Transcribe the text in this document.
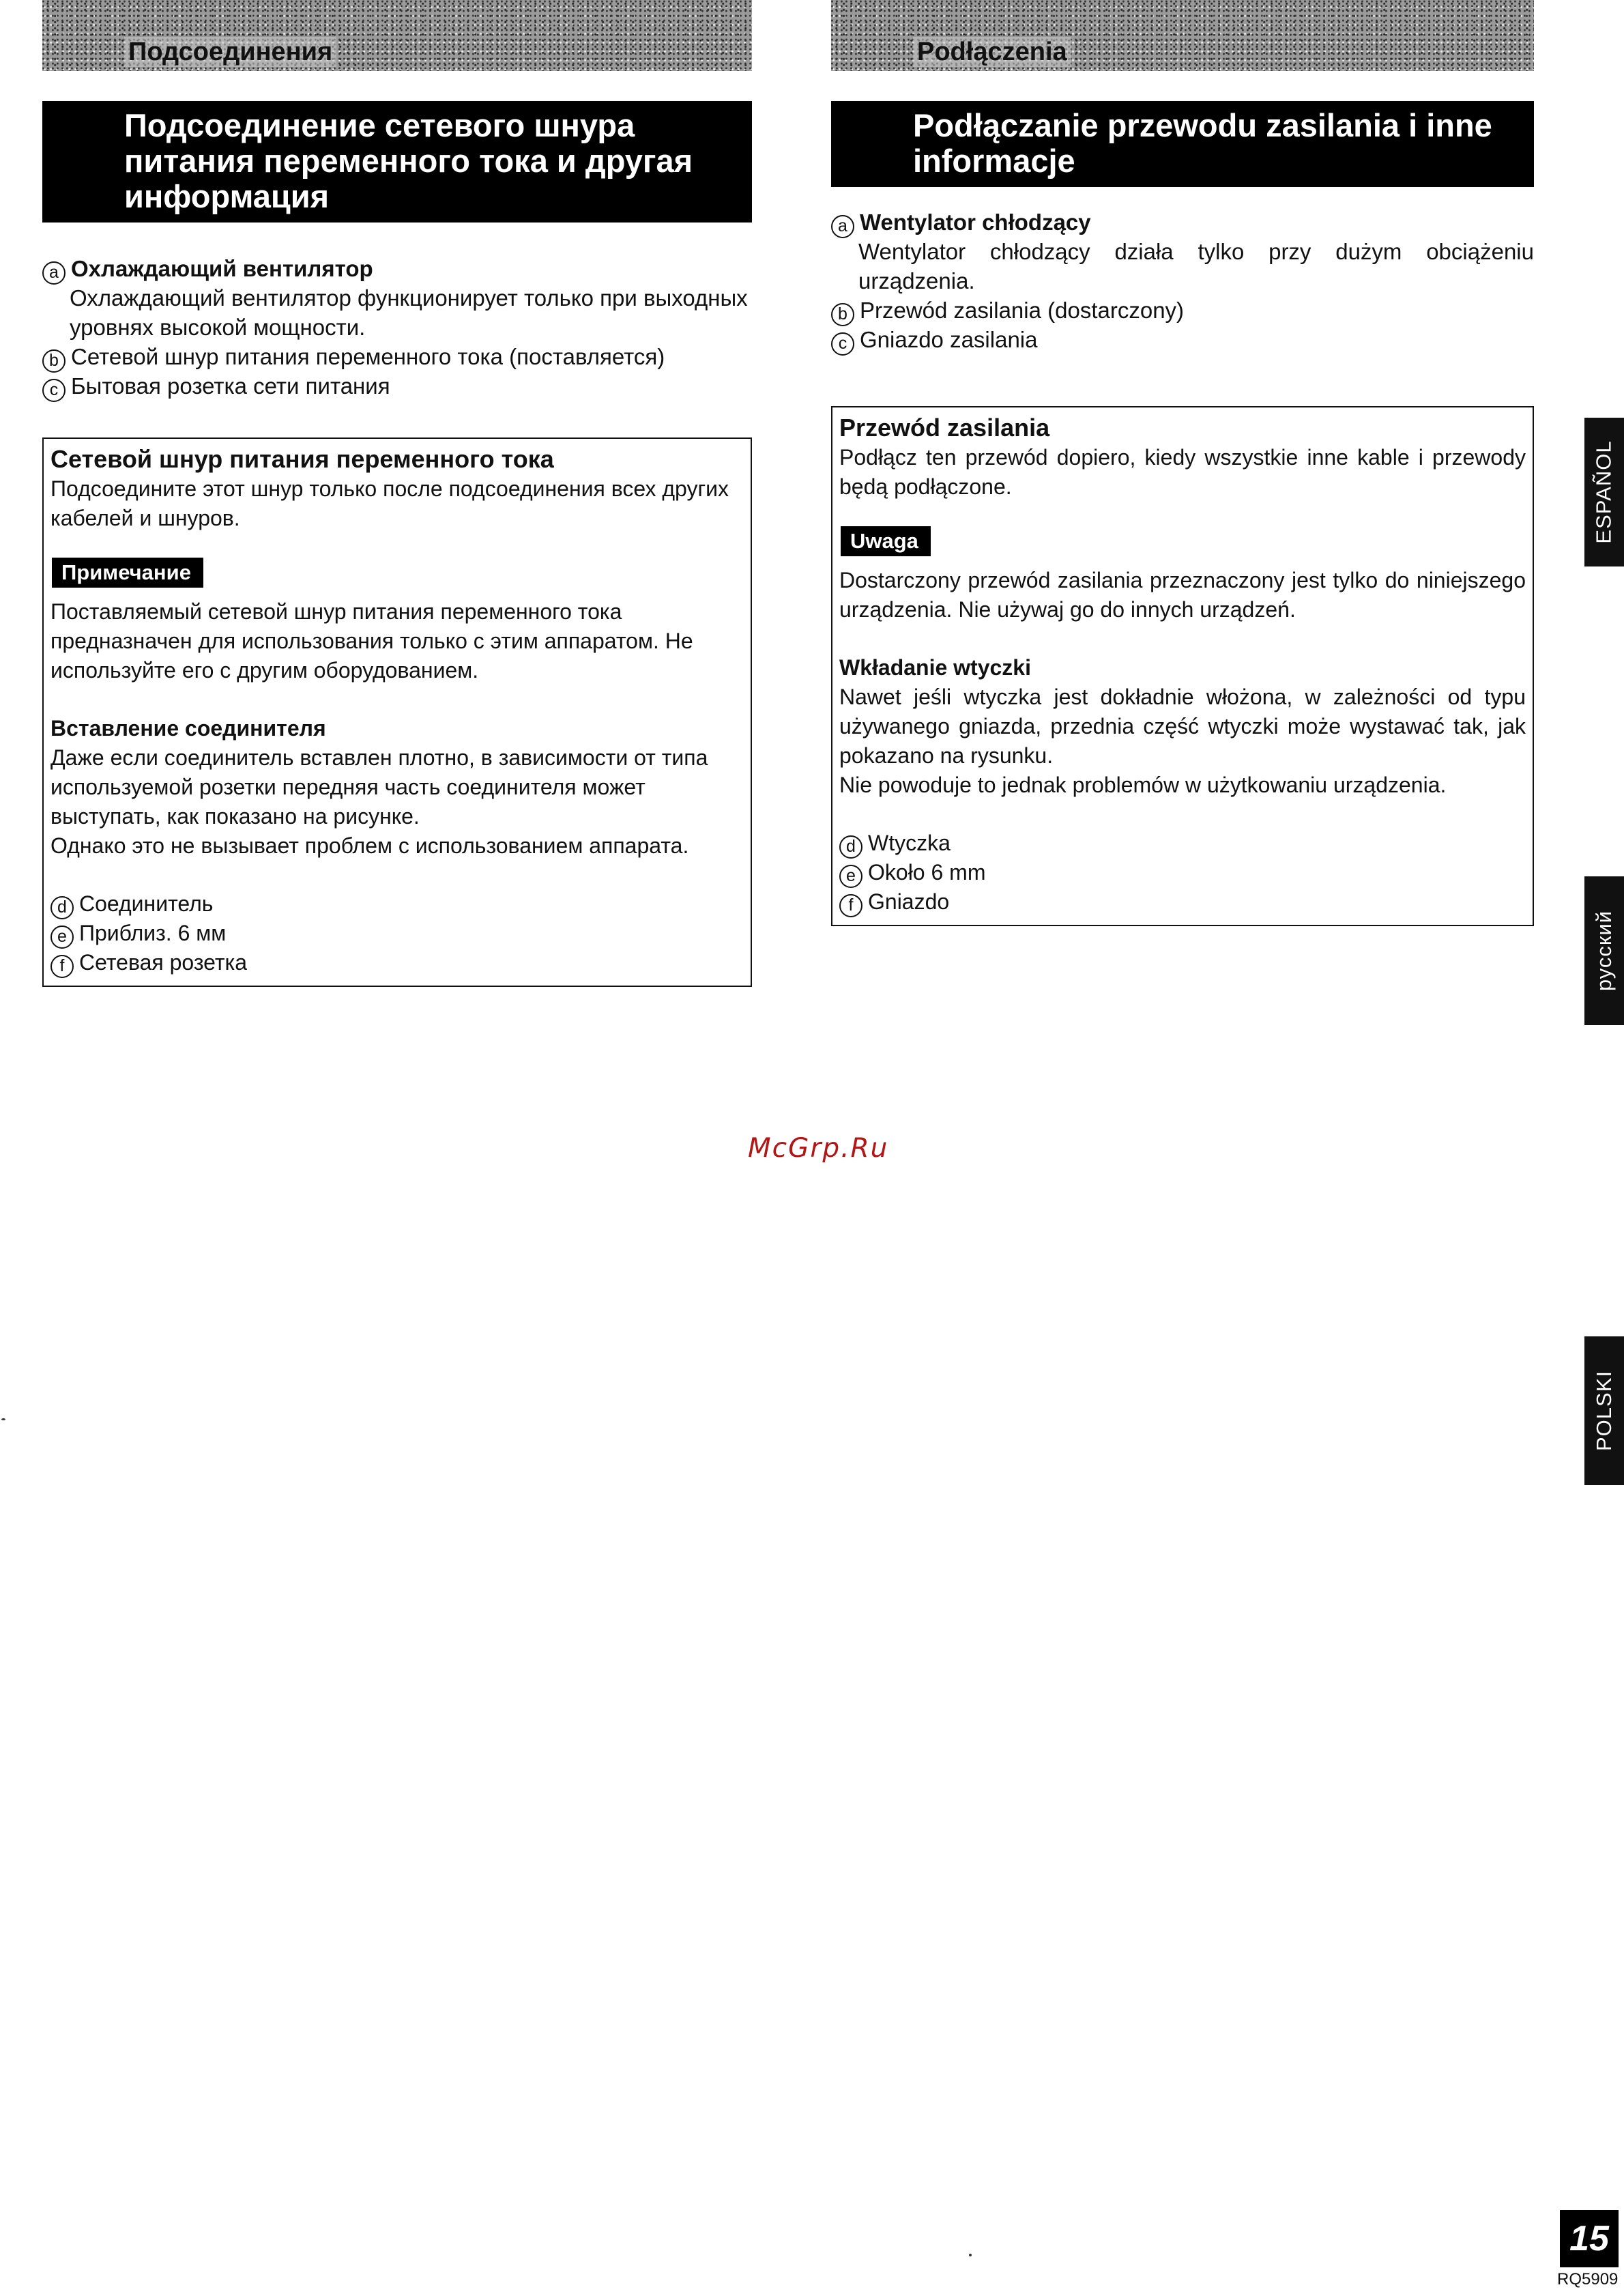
Подсоединения
Подсоединение сетевого шнура питания переменного тока и другая информация
a Охлаждающий вентилятор
Охлаждающий вентилятор функционирует только при выходных уровнях высокой мощности.
b Сетевой шнур питания переменного тока (поставляется)
c Бытовая розетка сети питания
Сетевой шнур питания переменного тока
Подсоедините этот шнур только после подсоединения всех других кабелей и шнуров.
Примечание
Поставляемый сетевой шнур питания переменного тока предназначен для использования только с этим аппаратом. Не используйте его с другим оборудованием.
Вставление соединителя
Даже если соединитель вставлен плотно, в зависимости от типа используемой розетки передняя часть соединителя может выступать, как показано на рисунке.
Однако это не вызывает проблем с использованием аппарата.
d Соединитель
e Приблиз. 6 мм
f Сетевая розетка
Podłączenia
Podłączanie przewodu zasilania i inne informacje
a Wentylator chłodzący
Wentylator chłodzący działa tylko przy dużym obciążeniu urządzenia.
b Przewód zasilania (dostarczony)
c Gniazdo zasilania
Przewód zasilania
Podłącz ten przewód dopiero, kiedy wszystkie inne kable i przewody będą podłączone.
Uwaga
Dostarczony przewód zasilania przeznaczony jest tylko do niniejszego urządzenia. Nie używaj go do innych urządzeń.
Wkładanie wtyczki
Nawet jeśli wtyczka jest dokładnie włożona, w zależności od typu używanego gniazda, przednia część wtyczki może wystawać tak, jak pokazano na rysunku.
Nie powoduje to jednak problemów w użytkowaniu urządzenia.
d Wtyczka
e Około 6 mm
f Gniazdo
ESPAÑOL
русский
POLSKI
McGrp.Ru
15
RQ5909
